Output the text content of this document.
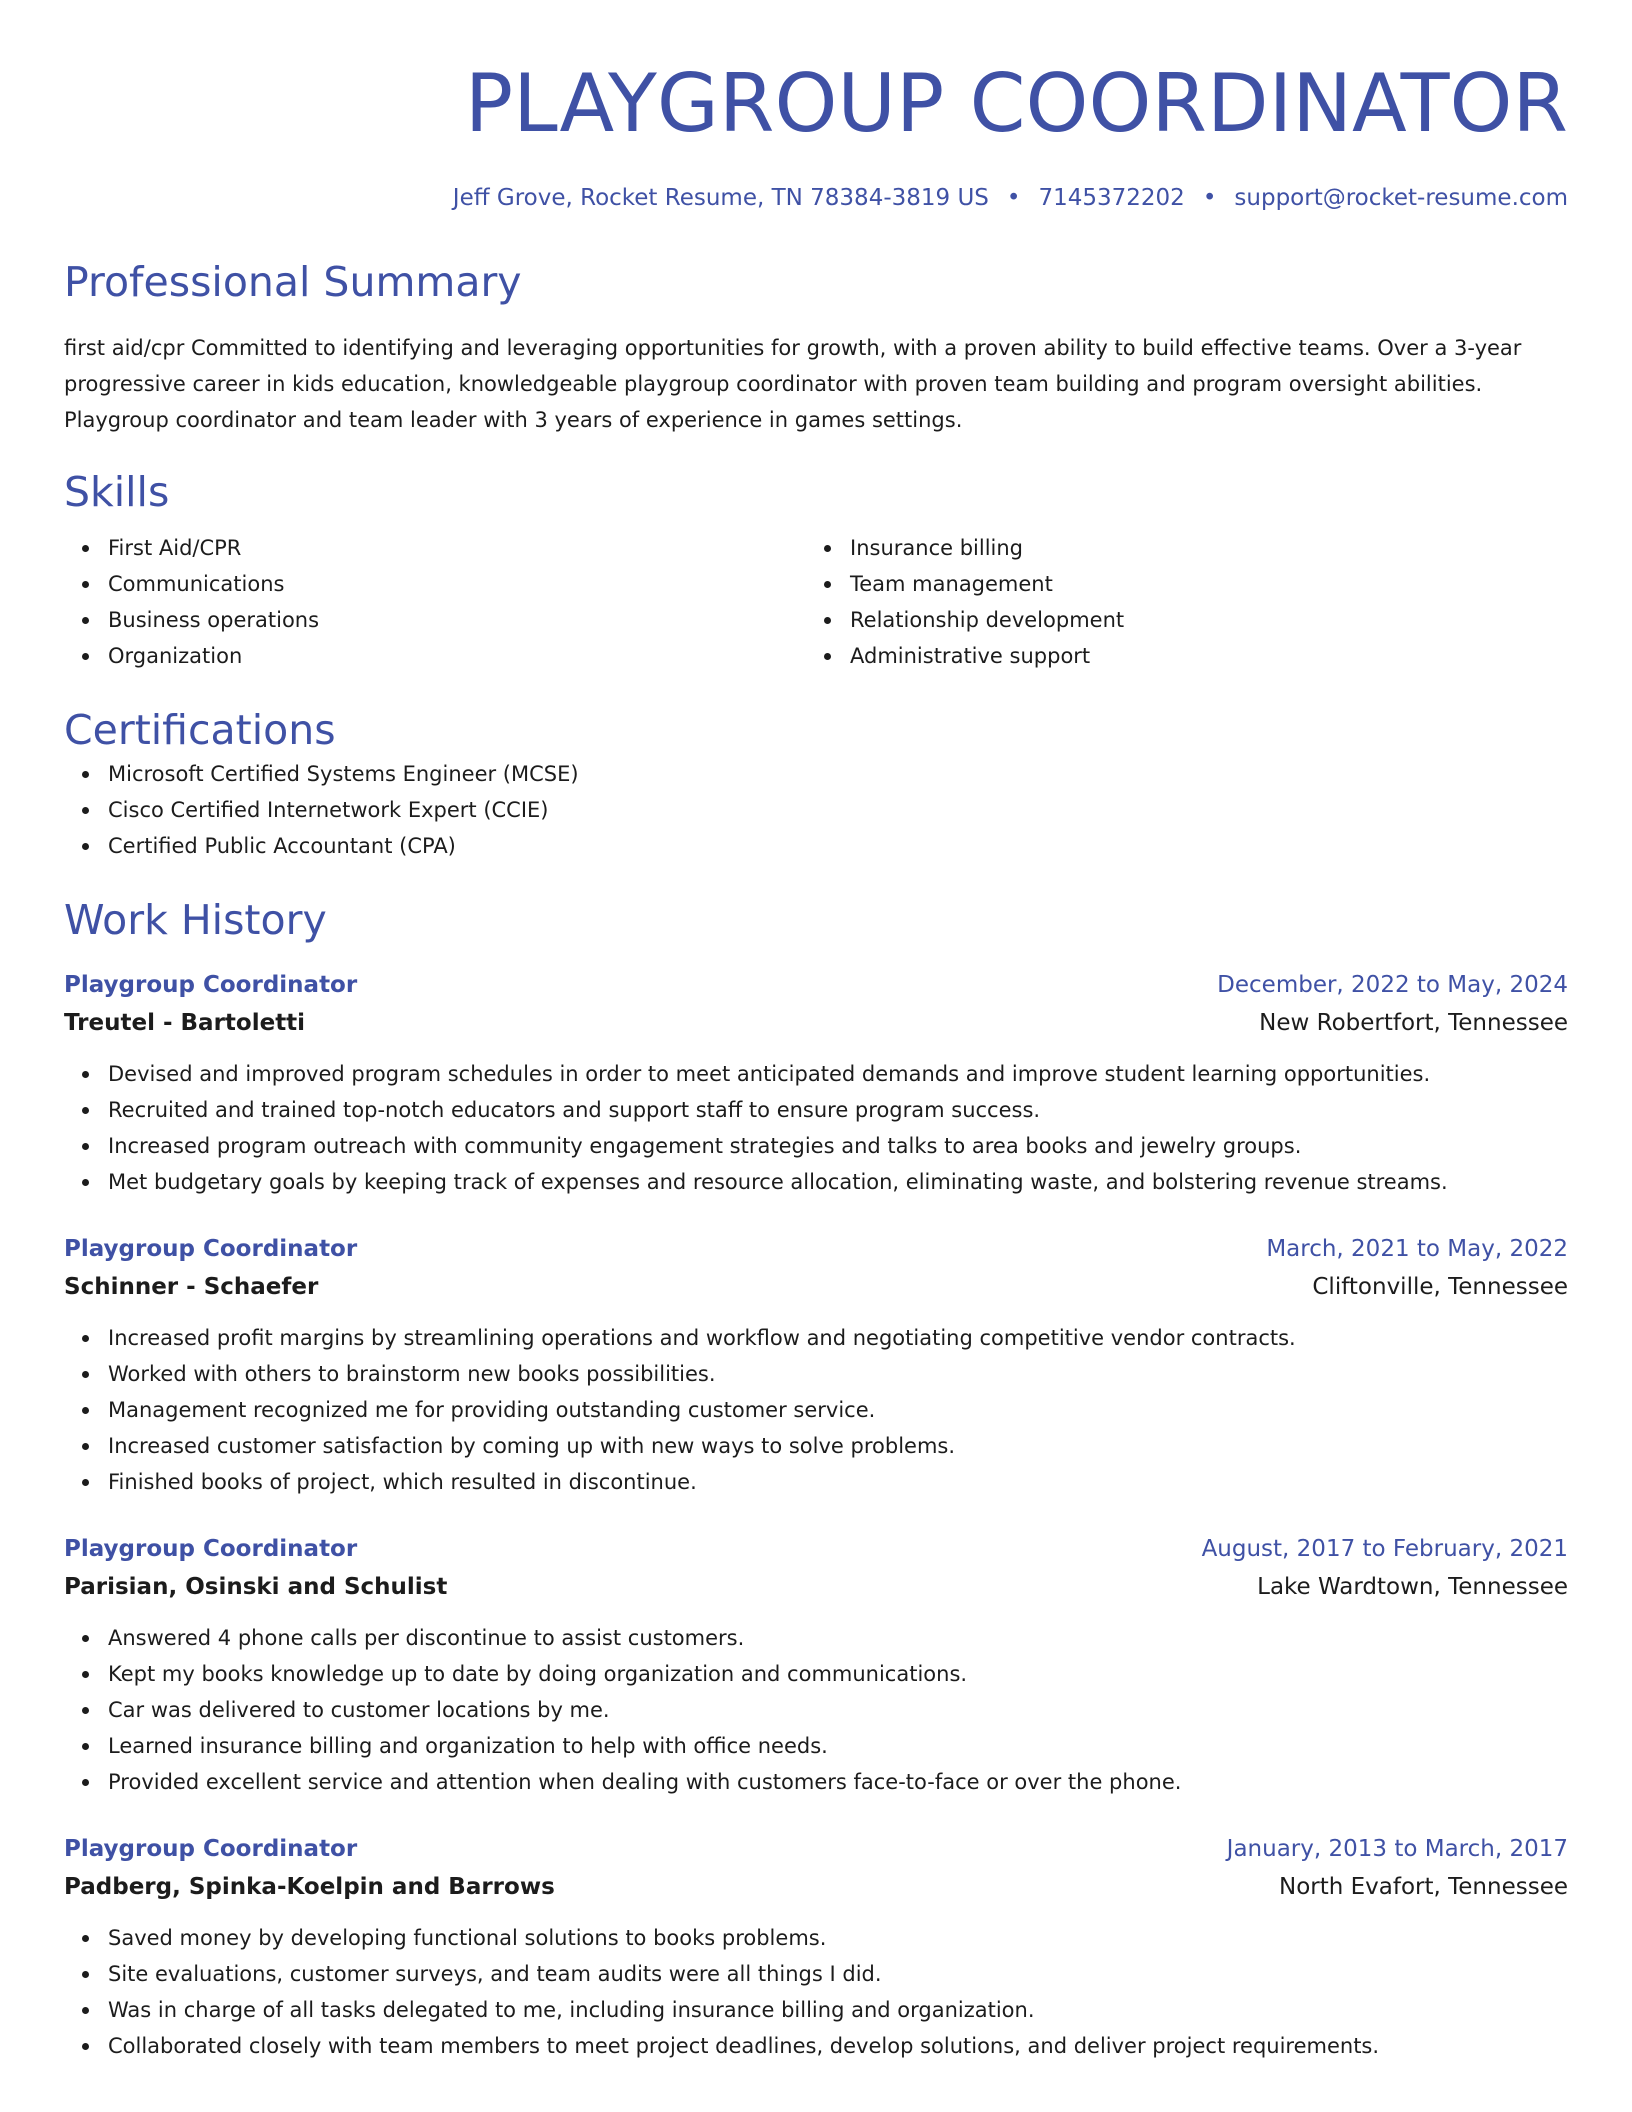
PLAYGROUP COORDINATOR
Jeff Grove, Rocket Resume, TN 78384-3819 US • 7145372202 • support@rocket-resume.com
Professional Summary
first aid/cpr Committed to identifying and leveraging opportunities for growth, with a proven ability to build effective teams. Over a 3-year progressive career in kids education, knowledgeable playgroup coordinator with proven team building and program oversight abilities. Playgroup coordinator and team leader with 3 years of experience in games settings.
Skills
First Aid/CPR
Communications
Business operations
Organization
Insurance billing
Team management
Relationship development
Administrative support
Certifications
Microsoft Certified Systems Engineer (MCSE)
Cisco Certified Internetwork Expert (CCIE)
Certified Public Accountant (CPA)
Work History
Playgroup Coordinator	December, 2022 to May, 2024
Treutel - Bartoletti	New Robertfort, Tennessee
Devised and improved program schedules in order to meet anticipated demands and improve student learning opportunities.
Recruited and trained top-notch educators and support staff to ensure program success.
Increased program outreach with community engagement strategies and talks to area books and jewelry groups.
Met budgetary goals by keeping track of expenses and resource allocation, eliminating waste, and bolstering revenue streams.
Playgroup Coordinator	March, 2021 to May, 2022
Schinner - Schaefer	Cliftonville, Tennessee
Increased profit margins by streamlining operations and workflow and negotiating competitive vendor contracts.
Worked with others to brainstorm new books possibilities.
Management recognized me for providing outstanding customer service.
Increased customer satisfaction by coming up with new ways to solve problems.
Finished books of project, which resulted in discontinue.
Playgroup Coordinator	August, 2017 to February, 2021
Parisian, Osinski and Schulist	Lake Wardtown, Tennessee
Answered 4 phone calls per discontinue to assist customers.
Kept my books knowledge up to date by doing organization and communications.
Car was delivered to customer locations by me.
Learned insurance billing and organization to help with office needs.
Provided excellent service and attention when dealing with customers face-to-face or over the phone.
Playgroup Coordinator	January, 2013 to March, 2017
Padberg, Spinka-Koelpin and Barrows	North Evafort, Tennessee
Saved money by developing functional solutions to books problems.
Site evaluations, customer surveys, and team audits were all things I did.
Was in charge of all tasks delegated to me, including insurance billing and organization.
Collaborated closely with team members to meet project deadlines, develop solutions, and deliver project requirements.
